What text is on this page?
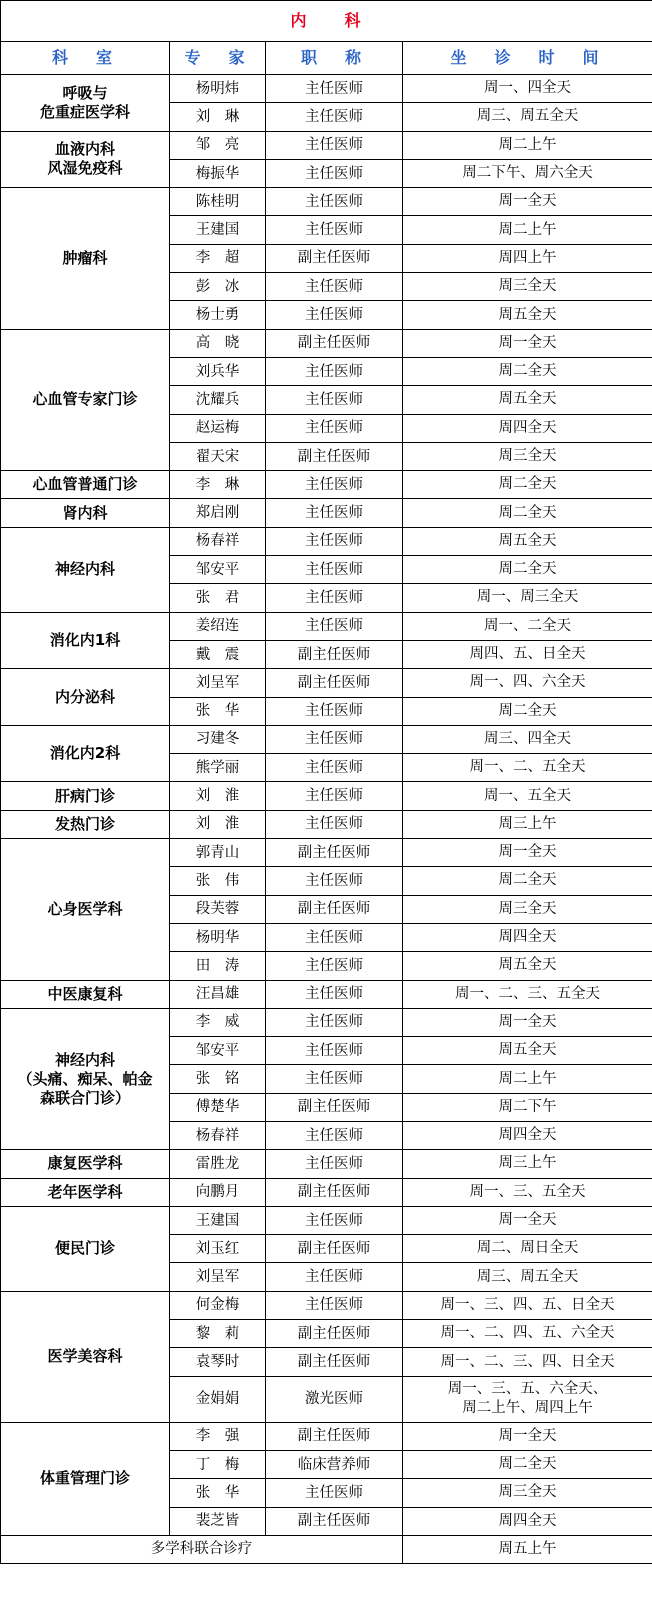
内　　科			
科　室	专　家	职　称	坐　诊　时　间
呼吸与
危重症医学科	杨明炜	主任医师	周一、四全天
	刘　琳	主任医师	周三、周五全天
血液内科
风湿免疫科	邹　亮	主任医师	周二上午
	梅振华	主任医师	周二下午、周六全天
肿瘤科	陈桂明	主任医师	周一全天
	王建国	主任医师	周二上午
	李　超	副主任医师	周四上午
	彭　冰	主任医师	周三全天
	杨士勇	主任医师	周五全天
心血管专家门诊	高　晓	副主任医师	周一全天
	刘兵华	主任医师	周二全天
	沈耀兵	主任医师	周五全天
	赵运梅	主任医师	周四全天
	翟天宋	副主任医师	周三全天
心血管普通门诊	李　琳	主任医师	周二全天
肾内科	郑启刚	主任医师	周二全天
神经内科	杨春祥	主任医师	周五全天
	邹安平	主任医师	周二全天
	张　君	主任医师	周一、周三全天
消化内1科	姜绍连	主任医师	周一、二全天
	戴　震	副主任医师	周四、五、日全天
内分泌科	刘呈军	副主任医师	周一、四、六全天
	张　华	主任医师	周二全天
消化内2科	习建冬	主任医师	周三、四全天
	熊学丽	主任医师	周一、二、五全天
肝病门诊	刘　淮	主任医师	周一、五全天
发热门诊	刘　淮	主任医师	周三上午
心身医学科	郭青山	副主任医师	周一全天
	张　伟	主任医师	周二全天
	段芙蓉	副主任医师	周三全天
	杨明华	主任医师	周四全天
	田　涛	主任医师	周五全天
中医康复科	汪昌雄	主任医师	周一、二、三、五全天
神经内科
（头痛、痴呆、帕金
森联合门诊）	李　威	主任医师	周一全天
	邹安平	主任医师	周五全天
	张　铭	主任医师	周二上午
	傅楚华	副主任医师	周二下午
	杨春祥	主任医师	周四全天
康复医学科	雷胜龙	主任医师	周三上午
老年医学科	向鹏月	副主任医师	周一、三、五全天
便民门诊	王建国	主任医师	周一全天
	刘玉红	副主任医师	周二、周日全天
	刘呈军	主任医师	周三、周五全天
医学美容科	何金梅	主任医师	周一、三、四、五、日全天
	黎　莉	副主任医师	周一、二、四、五、六全天
	袁琴时	副主任医师	周一、二、三、四、日全天
	金娟娟	激光医师	周一、三、五、六全天、
周二上午、周四上午
体重管理门诊	李　强	副主任医师	周一全天
	丁　梅	临床营养师	周二全天
	张　华	主任医师	周三全天
	裴芝皆	副主任医师	周四全天
多学科联合诊疗			周五上午
